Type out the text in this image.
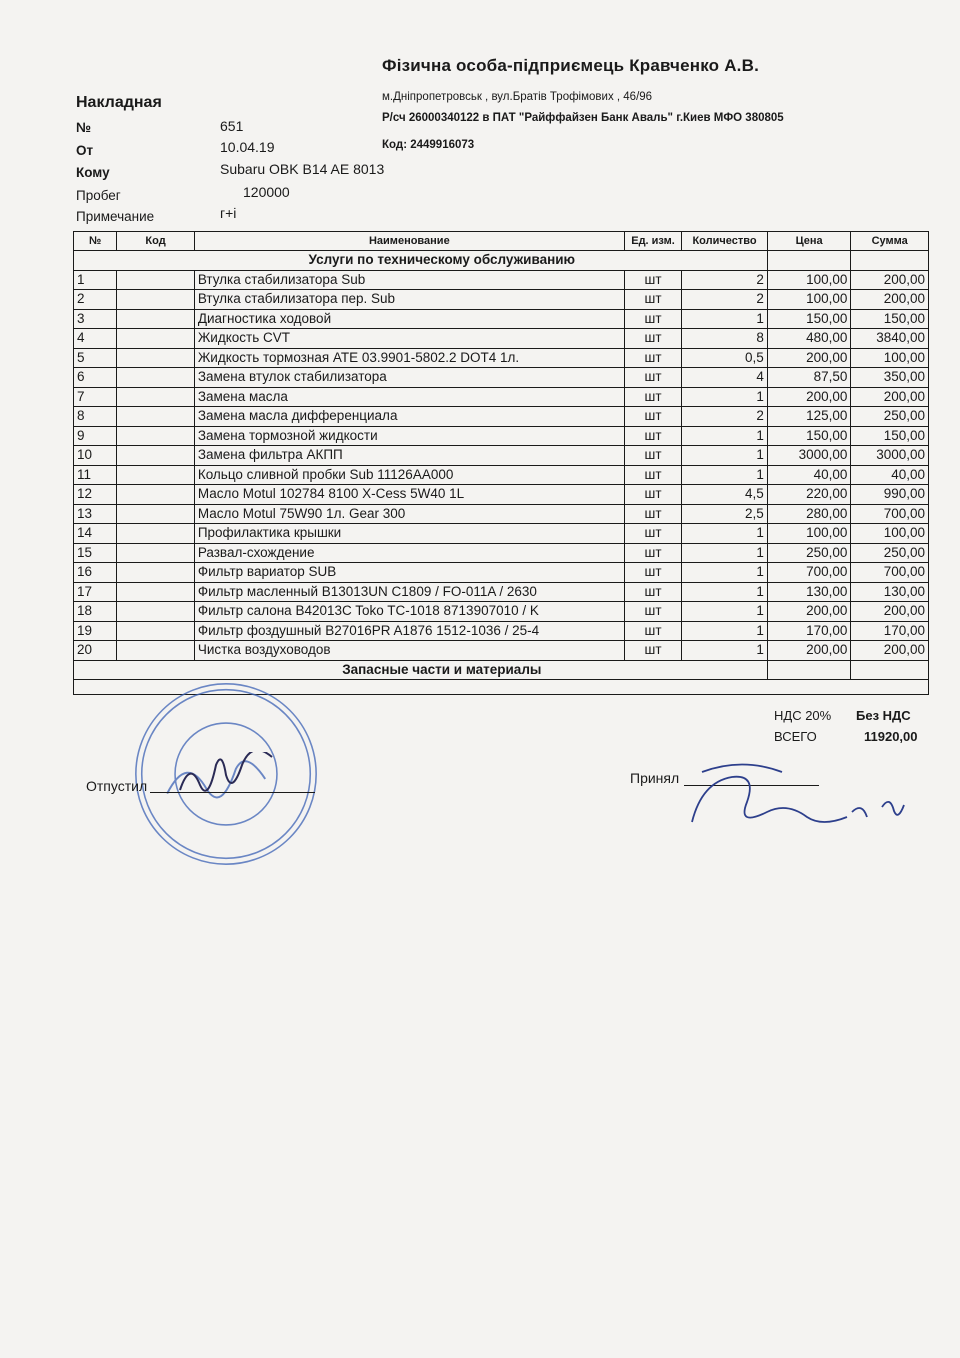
Фізична особа-підприємець Кравченко А.В.
м.Дніпропетровськ , вул.Братів Трофімових , 46/96
Р/сч 26000340122 в ПАТ "Райффайзен Банк Аваль" г.Киев МФО 380805
Код: 2449916073
Накладная
№	651
От	10.04.19
Кому	Subaru OBK B14 AE 8013
Пробег	120000
Примечание	г+і
№	Код	Наименование	Ед. изм.	Количество	Цена	Сумма
	Услуги по техническому обслуживанию					
1		Втулка стабилизатора Sub	шт	2	100,00	200,00
2		Втулка стабилизатора пер. Sub	шт	2	100,00	200,00
3		Диагностика ходовой	шт	1	150,00	150,00
4		Жидкость CVT	шт	8	480,00	3840,00
5		Жидкость тормозная ATE 03.9901-5802.2 DOT4 1л.	шт	0,5	200,00	100,00
6		Замена втулок стабилизатора	шт	4	87,50	350,00
7		Замена масла	шт	1	200,00	200,00
8		Замена масла дифференциала	шт	2	125,00	250,00
9		Замена тормозной жидкости	шт	1	150,00	150,00
10		Замена фильтра АКПП	шт	1	3000,00	3000,00
11		Кольцо сливной пробки Sub 11126AA000	шт	1	40,00	40,00
12		Масло Motul 102784 8100 X-Cess 5W40 1L	шт	4,5	220,00	990,00
13		Масло Motul 75W90 1л. Gear 300	шт	2,5	280,00	700,00
14		Профилактика крышки	шт	1	100,00	100,00
15		Развал-схождение	шт	1	250,00	250,00
16		Фильтр вариатор SUB	шт	1	700,00	700,00
17		Фильтр масленный B13013UN C1809 / FO-011A / 2630	шт	1	130,00	130,00
18		Фильтр салона B42013C Toko TC-1018 8713907010 / K	шт	1	200,00	200,00
19		Фильтр фоздушный B27016PR A1876 1512-1036 / 25-4	шт	1	170,00	170,00
20		Чистка воздуховодов	шт	1	200,00	200,00
	Запасные части и материалы					

НДС 20% Без НДС
ВСЕГО	11920,00
Отпустил	Принял
